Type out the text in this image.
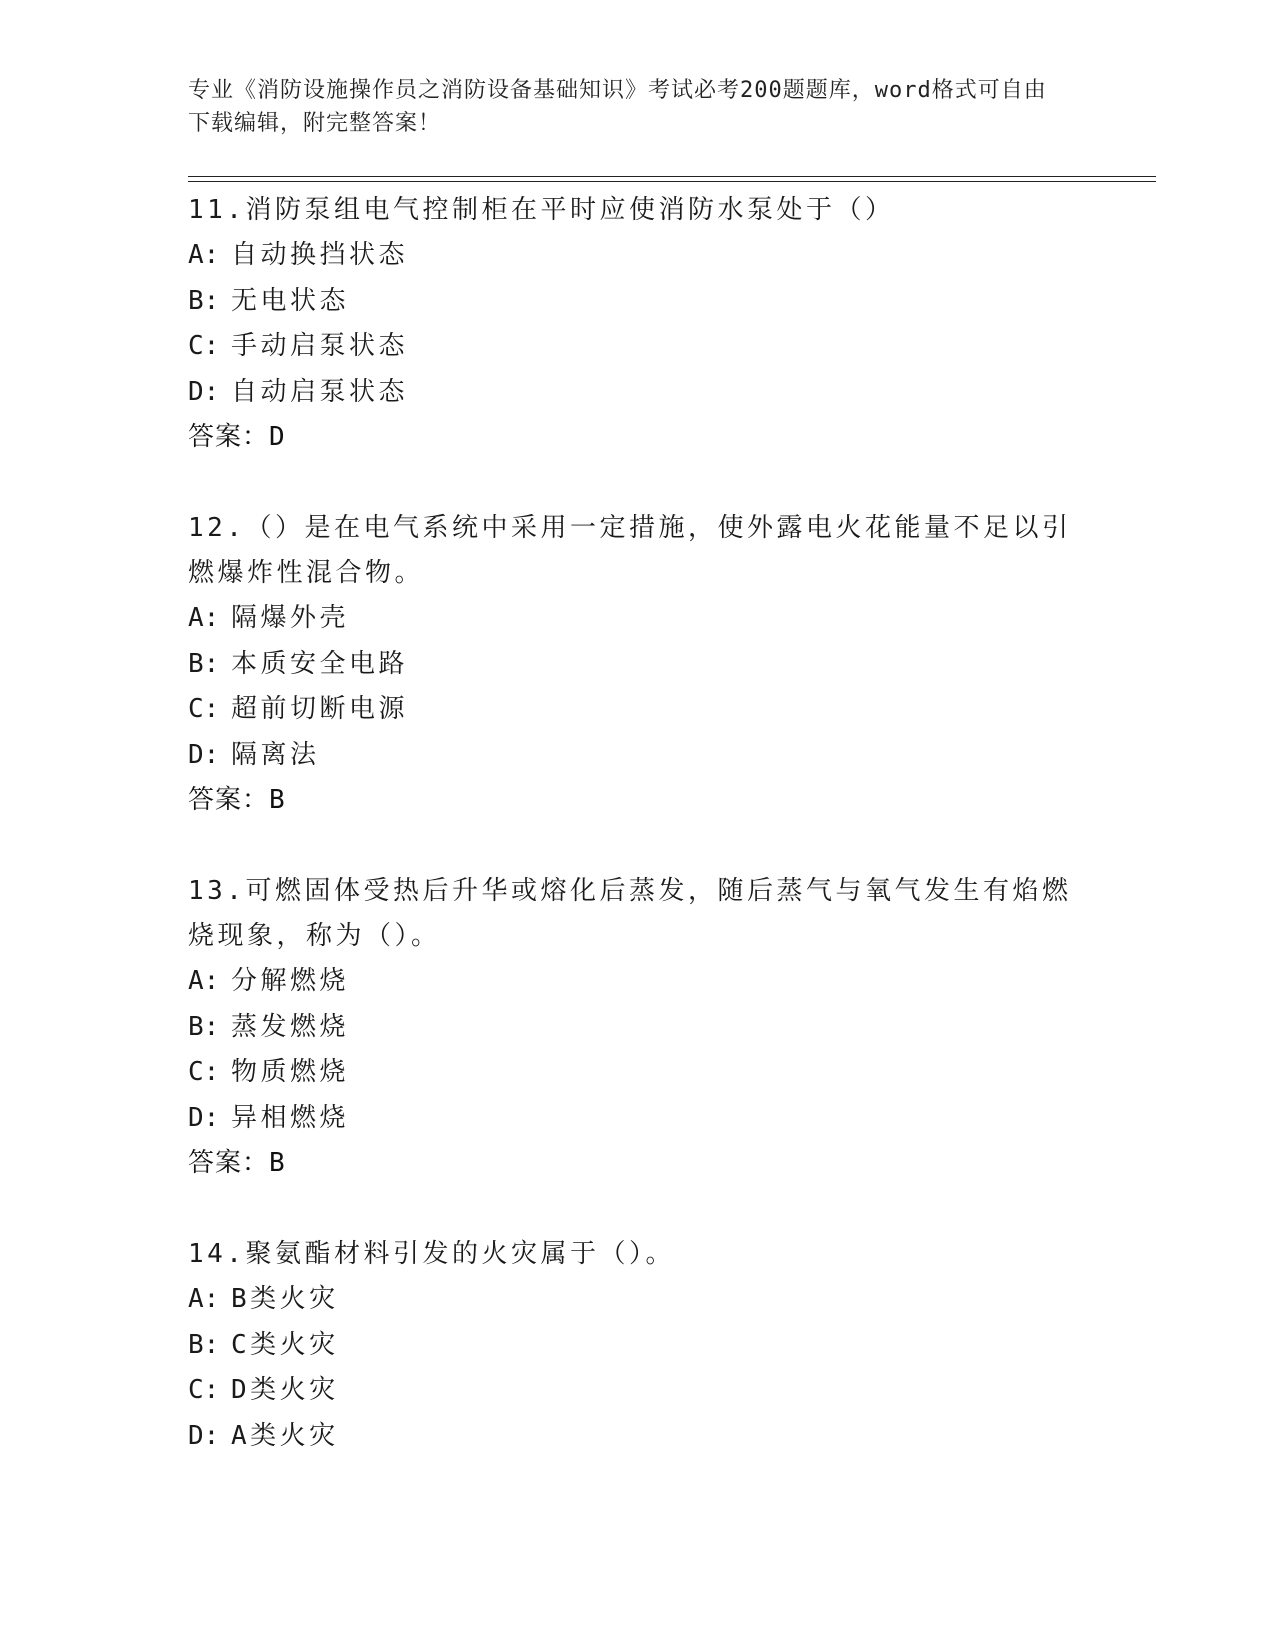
专业《消防设施操作员之消防设备基础知识》考试必考200题题库，word格式可自由下载编辑，附完整答案！

11.消防泵组电气控制柜在平时应使消防水泵处于（）

A: 自动换挡状态
B: 无电状态
C: 手动启泵状态
D: 自动启泵状态
答案：D

12.（）是在电气系统中采用一定措施，使外露电火花能量不足以引燃爆炸性混合物。

A: 隔爆外壳
B: 本质安全电路
C: 超前切断电源
D: 隔离法
答案：B

13.可燃固体受热后升华或熔化后蒸发，随后蒸气与氧气发生有焰燃烧现象，称为（）。

A: 分解燃烧
B: 蒸发燃烧
C: 物质燃烧
D: 异相燃烧
答案：B

14.聚氨酯材料引发的火灾属于（）。

A: B类火灾
B: C类火灾
C: D类火灾
D: A类火灾
